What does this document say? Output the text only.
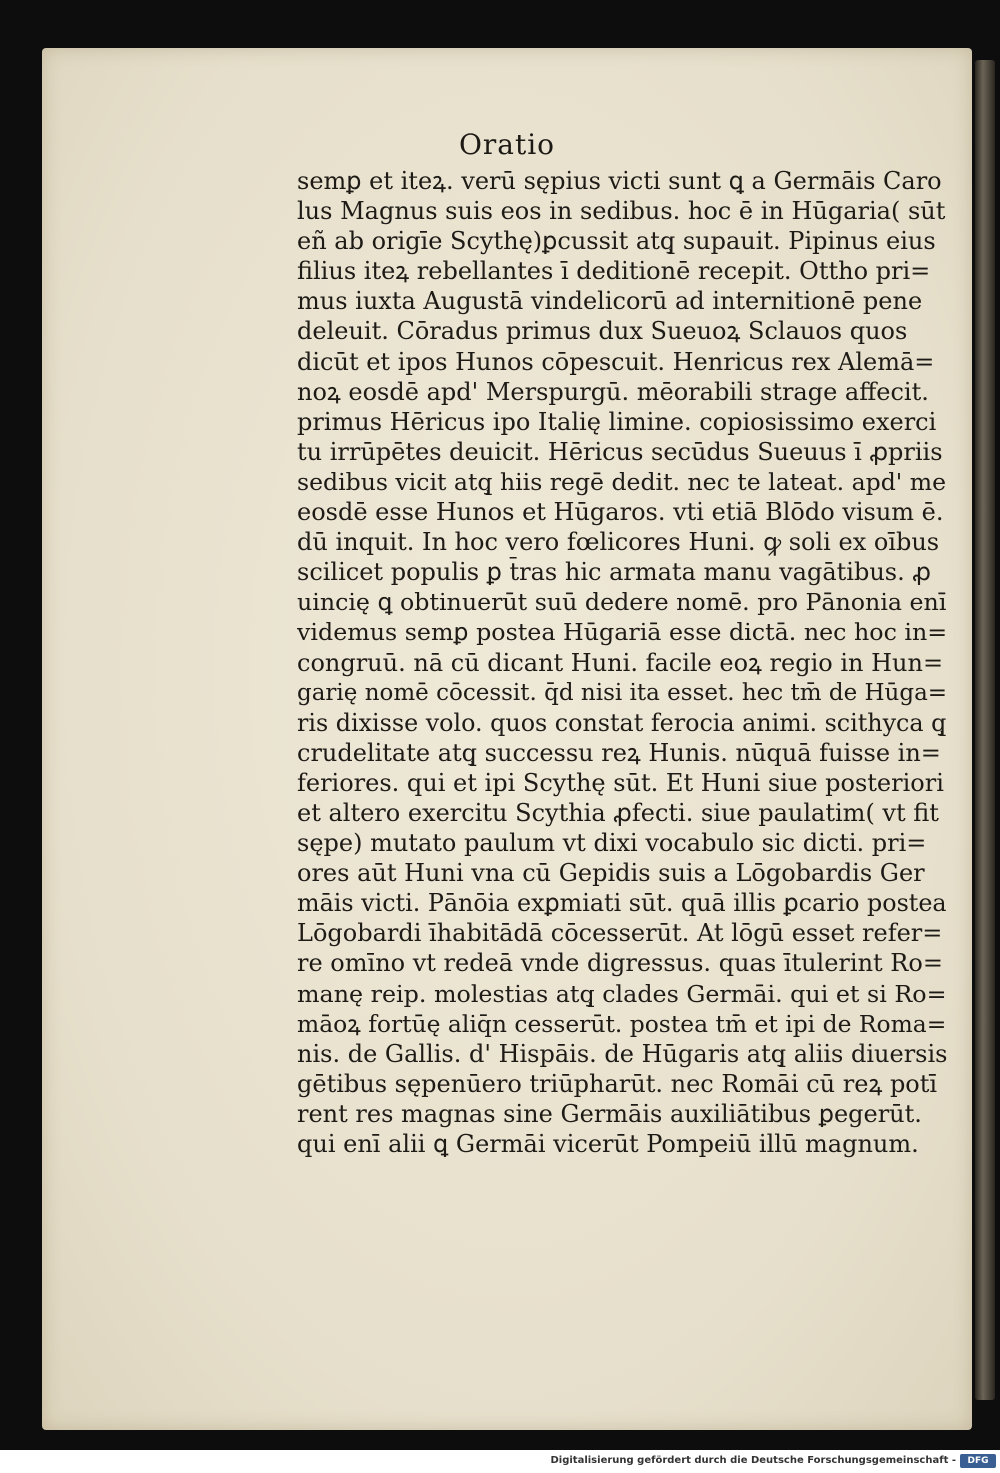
Oratio
semꝑ et iteꝝ. verū sępius victi sunt ꝗ a Germāis Caro
lus Magnus suis eos in sedibus. hoc ē in Hūgaria( sūt
eñ ab origīe Scythę)ꝑcussit atq̧ supauit. Pipinus eius
filius iteꝝ rebellantes ī deditionē recepit. Ottho pri=
mus iuxta Augustā vindelicorū ad internitionē pene
deleuit. Cōradus primus dux Sueuoꝝ Sclauos quos
dicūt et ipos Hunos cōpescuit. Henricus rex Alemā=
noꝝ eosdē apd' Merspurgū. mēorabili strage affecit.
primus Hēricus ipo Italię limine. copiosissimo exerci
tu irrūpētes deuicit. Hēricus secūdus Sueuus ī ꝓpriis
sedibus vicit atq̧ hiis regē dedit. nec te lateat. apd' me
eosdē esse Hunos et Hūgaros. vti etiā Blōdo visum ē.
dū inquit. In hoc vero fœlicores Huni. ꝙ soli ex oībus
scilicet populis ꝑ t̄ras hic armata manu vagātibus. ꝓ
uincię ꝗ obtinuerūt suū dedere nomē. pro Pānonia enī
videmus semꝑ postea Hūgariā esse dictā. nec hoc in=
congruū. nā cū dicant Huni. facile eoꝝ regio in Hun=
garię nomē cōcessit. q̄d nisi ita esset. hec tm̄ de Hūga=
ris dixisse volo. quos constat ferocia animi. scithyca q̧
crudelitate atq̧ successu reꝝ Hunis. nūquā fuisse in=
feriores. qui et ipi Scythę sūt. Et Huni siue posteriori
et altero exercitu Scythia ꝓfecti. siue paulatim( vt fit
sępe) mutato paulum vt dixi vocabulo sic dicti. pri=
ores aūt Huni vna cū Gepidis suis a Lōgobardis Ger
māis victi. Pānōia exꝑmiati sūt. quā illis ꝑcario postea
Lōgobardi īhabitādā cōcesserūt. At lōgū esset refer=
re omīno vt redeā vnde digressus. quas ītulerint Ro=
manę reip. molestias atq̧ clades Germāi. qui et si Ro=
māoꝝ fortūę aliq̄n cesserūt. postea tm̄ et ipi de Roma=
nis. de Gallis. d' Hispāis. de Hūgaris atq̧ aliis diuersis
gētibus sępenūero triūpharūt. nec Romāi cū reꝝ potī
rent res magnas sine Germāis auxiliātibus ꝑegerūt.
qui enī alii ꝗ Germāi vicerūt Pompeiū illū magnum.
Digitalisierung gefördert durch die Deutsche Forschungsgemeinschaft -	DFG
